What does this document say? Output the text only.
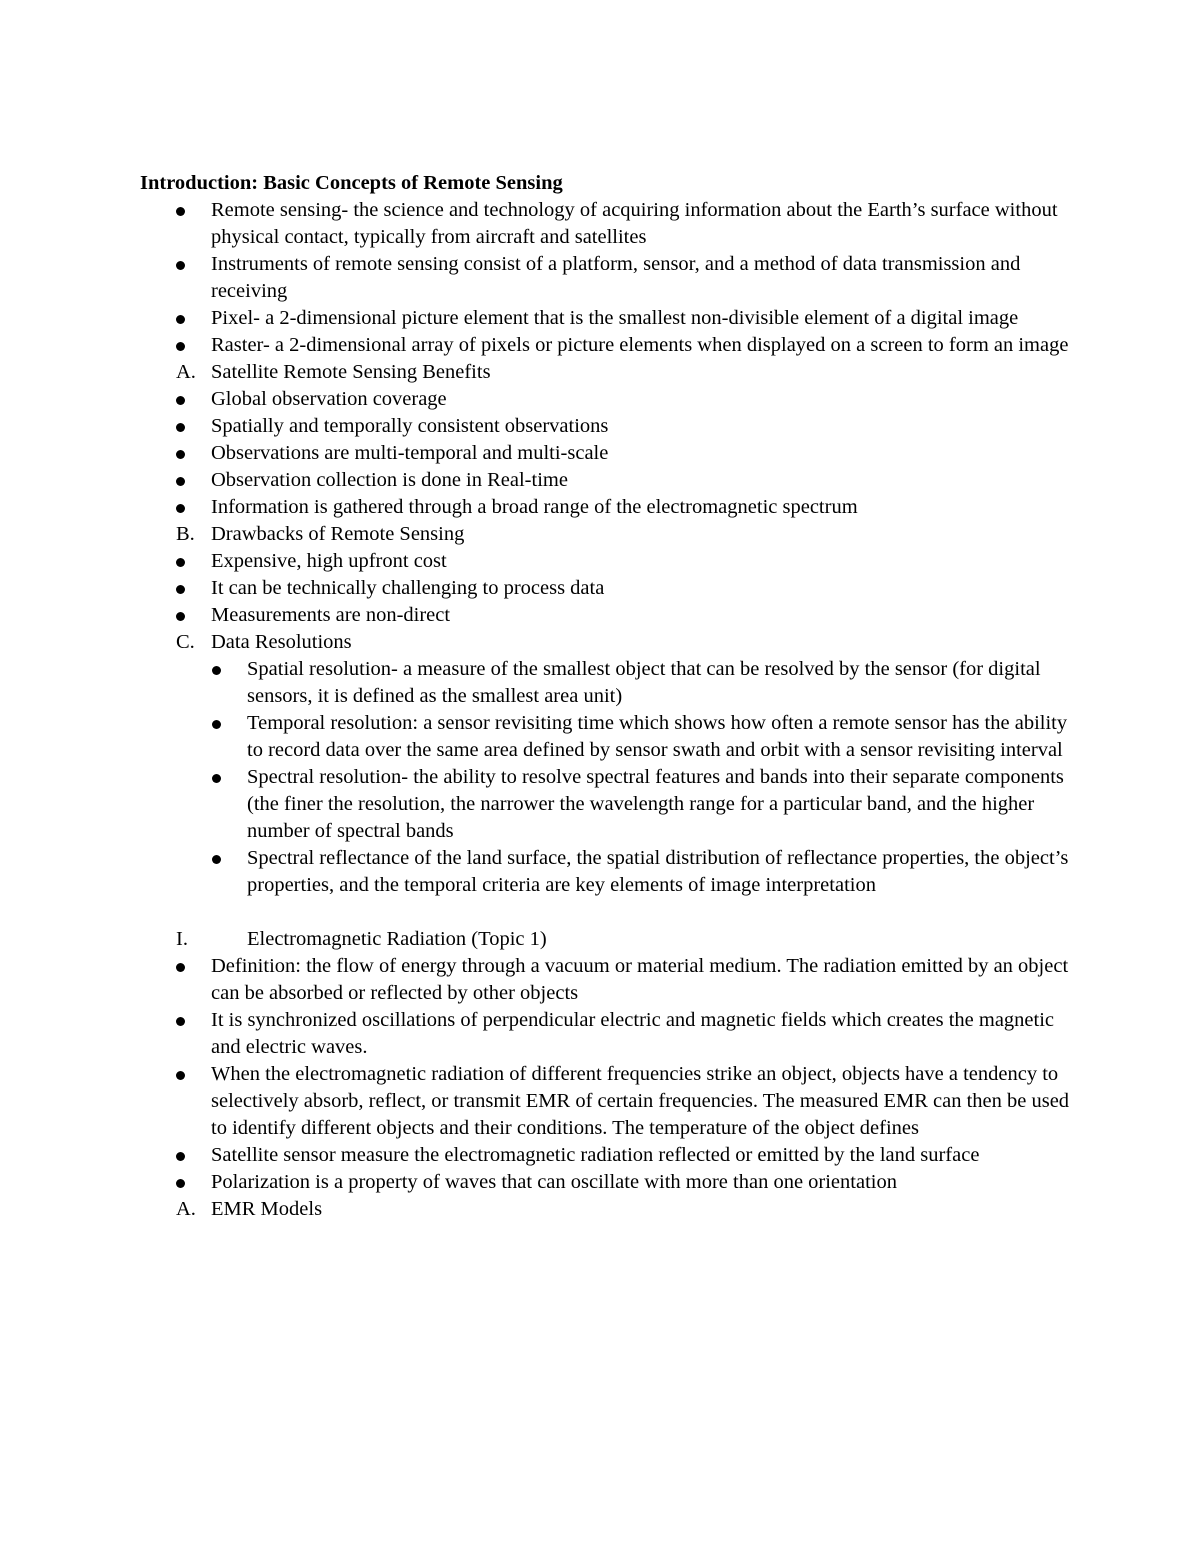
Introduction: Basic Concepts of Remote Sensing
Remote sensing- the science and technology of acquiring information about the Earth’s surface without physical contact, typically from aircraft and satellites
Instruments of remote sensing consist of a platform, sensor, and a method of data transmission and receiving
Pixel- a 2-dimensional picture element that is the smallest non-divisible element of a digital image
Raster- a 2-dimensional array of pixels or picture elements when displayed on a screen to form an image
A. Satellite Remote Sensing Benefits
Global observation coverage
Spatially and temporally consistent observations
Observations are multi-temporal and multi-scale
Observation collection is done in Real-time
Information is gathered through a broad range of the electromagnetic spectrum
B. Drawbacks of Remote Sensing
Expensive, high upfront cost
It can be technically challenging to process data
Measurements are non-direct
C. Data Resolutions
Spatial resolution- a measure of the smallest object that can be resolved by the sensor (for digital sensors, it is defined as the smallest area unit)
Temporal resolution: a sensor revisiting time which shows how often a remote sensor has the ability to record data over the same area defined by sensor swath and orbit with a sensor revisiting interval
Spectral resolution- the ability to resolve spectral features and bands into their separate components (the finer the resolution, the narrower the wavelength range for a particular band, and the higher number of spectral bands
Spectral reflectance of the land surface, the spatial distribution of reflectance properties, the object’s properties, and the temporal criteria are key elements of image interpretation
I.	Electromagnetic Radiation (Topic 1)
Definition: the flow of energy through a vacuum or material medium. The radiation emitted by an object can be absorbed or reflected by other objects
It is synchronized oscillations of perpendicular electric and magnetic fields which creates the magnetic and electric waves.
When the electromagnetic radiation of different frequencies strike an object, objects have a tendency to selectively absorb, reflect, or transmit EMR of certain frequencies. The measured EMR can then be used to identify different objects and their conditions. The temperature of the object defines
Satellite sensor measure the electromagnetic radiation reflected or emitted by the land surface
Polarization is a property of waves that can oscillate with more than one orientation
A. EMR Models
